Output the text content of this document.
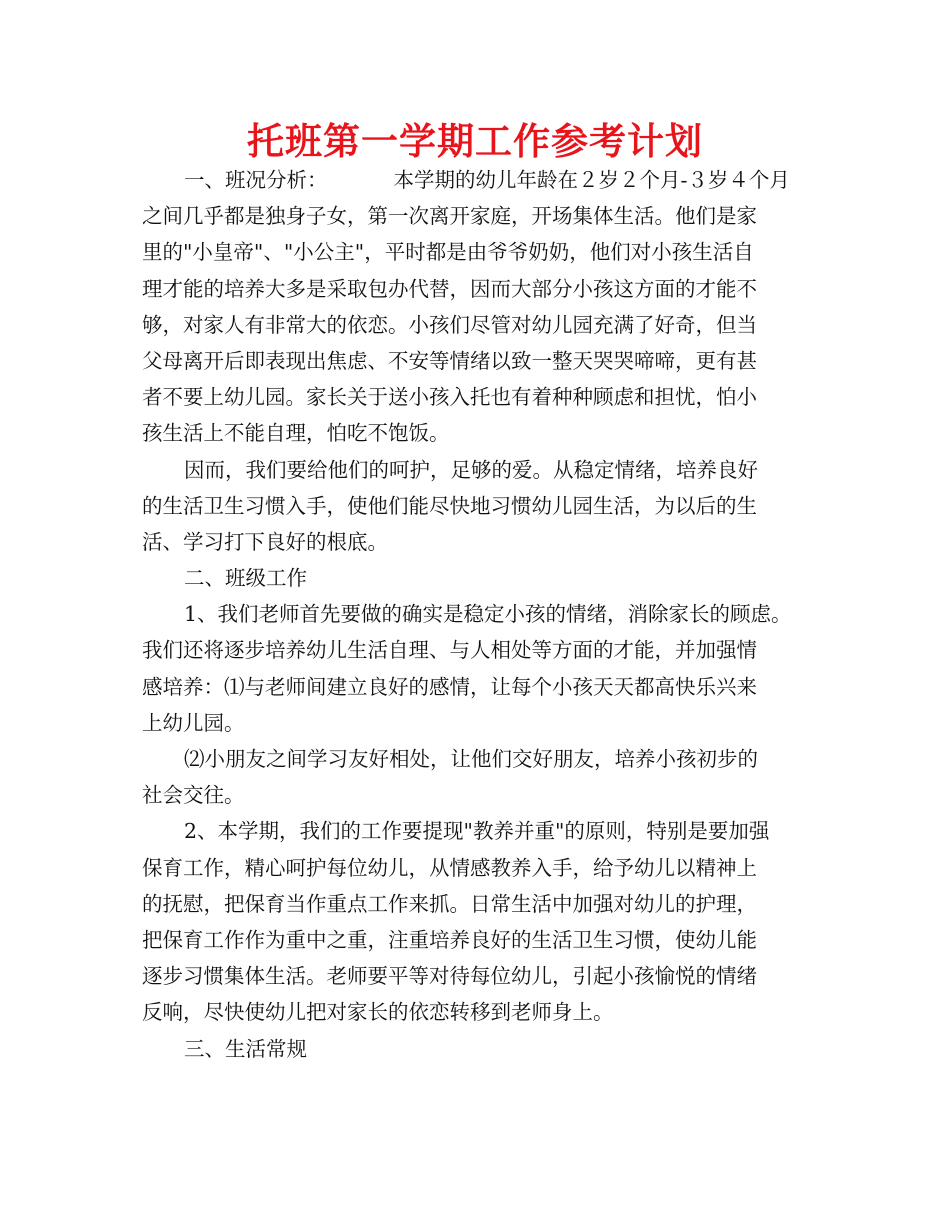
托班第一学期工作参考计划
一、班况分析：	本学期的幼儿年龄在２岁２个月-３岁４个月
之间几乎都是独身子女，第一次离开家庭，开场集体生活。他们是家
里的"小皇帝"、"小公主"，平时都是由爷爷奶奶，他们对小孩生活自
理才能的培养大多是采取包办代替，因而大部分小孩这方面的才能不
够，对家人有非常大的依恋。小孩们尽管对幼儿园充满了好奇，但当
父母离开后即表现出焦虑、不安等情绪以致一整天哭哭啼啼，更有甚
者不要上幼儿园。家长关于送小孩入托也有着种种顾虑和担忧，怕小
孩生活上不能自理，怕吃不饱饭。
因而，我们要给他们的呵护，足够的爱。从稳定情绪，培养良好
的生活卫生习惯入手，使他们能尽快地习惯幼儿园生活，为以后的生
活、学习打下良好的根底。
二、班级工作
1、我们老师首先要做的确实是稳定小孩的情绪，消除家长的顾虑。
我们还将逐步培养幼儿生活自理、与人相处等方面的才能，并加强情
感培养：⑴与老师间建立良好的感情，让每个小孩天天都高快乐兴来
上幼儿园。
⑵小朋友之间学习友好相处，让他们交好朋友，培养小孩初步的
社会交往。
2、本学期，我们的工作要提现"教养并重"的原则，特别是要加强
保育工作，精心呵护每位幼儿，从情感教养入手，给予幼儿以精神上
的抚慰，把保育当作重点工作来抓。日常生活中加强对幼儿的护理，
把保育工作作为重中之重，注重培养良好的生活卫生习惯，使幼儿能
逐步习惯集体生活。老师要平等对待每位幼儿，引起小孩愉悦的情绪
反响，尽快使幼儿把对家长的依恋转移到老师身上。
三、生活常规
